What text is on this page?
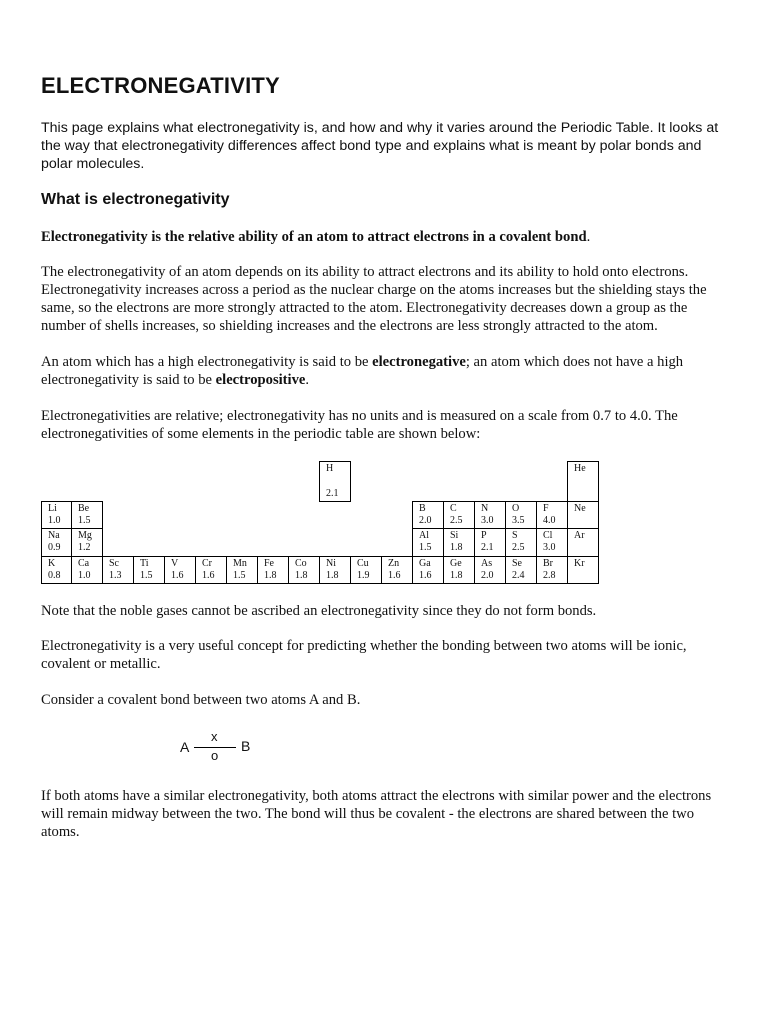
ELECTRONEGATIVITY

This page explains what electronegativity is, and how and why it varies around the Periodic Table. It looks at the way that electronegativity differences affect bond type and explains what is meant by polar bonds and polar molecules.

What is electronegativity

Electronegativity is the relative ability of an atom to attract electrons in a covalent bond.

The electronegativity of an atom depends on its ability to attract electrons and its ability to hold onto electrons. Electronegativity increases across a period as the nuclear charge on the atoms increases but the shielding stays the same, so the electrons are more strongly attracted to the atom. Electronegativity decreases down a group as the number of shells increases, so shielding increases and the electrons are less strongly attracted to the atom.

An atom which has a high electronegativity is said to be electronegative; an atom which does not have a high electronegativity is said to be electropositive.

Electronegativities are relative; electronegativity has no units and is measured on a scale from 0.7 to 4.0. The electronegativities of some elements in the periodic table are shown below:

H
2.1
He
Li
1.0
Be
1.5
B
2.0
C
2.5
N
3.0
O
3.5
F
4.0
Ne
Na
0.9
Mg
1.2
Al
1.5
Si
1.8
P
2.1
S
2.5
Cl
3.0
Ar
K
0.8
Ca
1.0
Sc
1.3
Ti
1.5
V
1.6
Cr
1.6
Mn
1.5
Fe
1.8
Co
1.8
Ni
1.8
Cu
1.9
Zn
1.6
Ga
1.6
Ge
1.8
As
2.0
Se
2.4
Br
2.8
Kr

Note that the noble gases cannot be ascribed an electronegativity since they do not form bonds.

Electronegativity is a very useful concept for predicting whether the bonding between two atoms will be ionic, covalent or metallic.

Consider a covalent bond between two atoms A and B.

A
x
o
B

If both atoms have a similar electronegativity, both atoms attract the electrons with similar power and the electrons will remain midway between the two. The bond will thus be covalent - the electrons are shared between the two atoms.
